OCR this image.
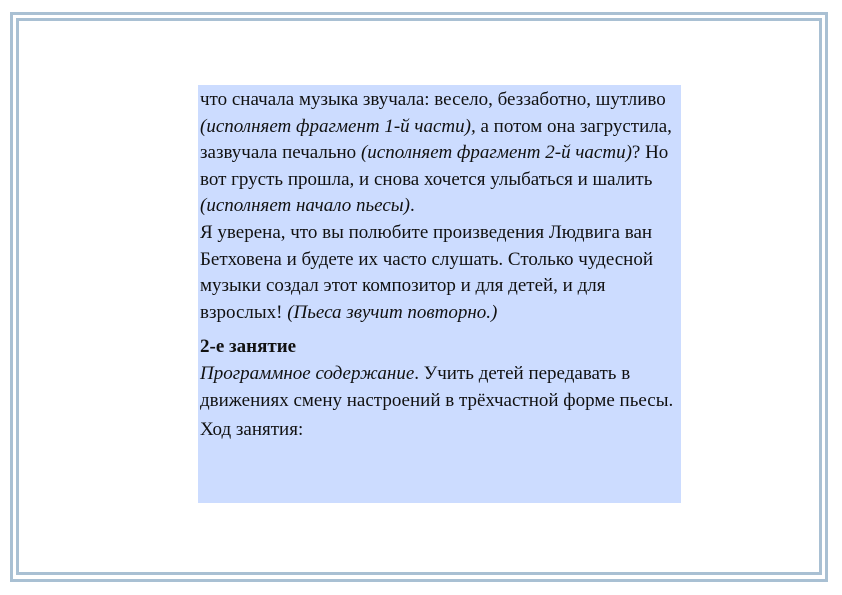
что сначала музыка звучала: весело, беззаботно, шутливо (исполняет фрагмент 1-й части), а потом она загрустила, зазвучала печально (исполняет фрагмент 2-й части)? Но вот грусть прошла, и снова хочется улыбаться и шалить (исполняет начало пьесы).

Я уверена, что вы полюбите произведения Людвига ван Бетховена и будете их часто слушать. Столько чудесной музыки создал этот композитор и для детей, и для взрослых! (Пьеса звучит повторно.)

2-е занятие

Программное содержание. Учить детей передавать в движениях смену настроений в трёхчастной форме пьесы.

Ход занятия:
